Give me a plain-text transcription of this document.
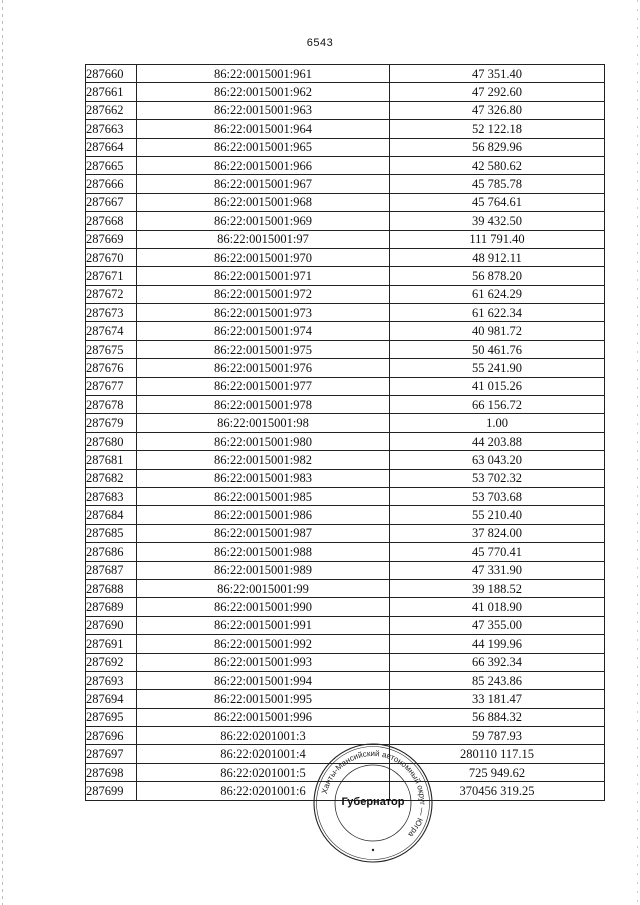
6543
287660	86:22:0015001:961	47 351.40
287661	86:22:0015001:962	47 292.60
287662	86:22:0015001:963	47 326.80
287663	86:22:0015001:964	52 122.18
287664	86:22:0015001:965	56 829.96
287665	86:22:0015001:966	42 580.62
287666	86:22:0015001:967	45 785.78
287667	86:22:0015001:968	45 764.61
287668	86:22:0015001:969	39 432.50
287669	86:22:0015001:97	111 791.40
287670	86:22:0015001:970	48 912.11
287671	86:22:0015001:971	56 878.20
287672	86:22:0015001:972	61 624.29
287673	86:22:0015001:973	61 622.34
287674	86:22:0015001:974	40 981.72
287675	86:22:0015001:975	50 461.76
287676	86:22:0015001:976	55 241.90
287677	86:22:0015001:977	41 015.26
287678	86:22:0015001:978	66 156.72
287679	86:22:0015001:98	1.00
287680	86:22:0015001:980	44 203.88
287681	86:22:0015001:982	63 043.20
287682	86:22:0015001:983	53 702.32
287683	86:22:0015001:985	53 703.68
287684	86:22:0015001:986	55 210.40
287685	86:22:0015001:987	37 824.00
287686	86:22:0015001:988	45 770.41
287687	86:22:0015001:989	47 331.90
287688	86:22:0015001:99	39 188.52
287689	86:22:0015001:990	41 018.90
287690	86:22:0015001:991	47 355.00
287691	86:22:0015001:992	44 199.96
287692	86:22:0015001:993	66 392.34
287693	86:22:0015001:994	85 243.86
287694	86:22:0015001:995	33 181.47
287695	86:22:0015001:996	56 884.32
287696	86:22:0201001:3	59 787.93
287697	86:22:0201001:4	280110 117.15
287698	86:22:0201001:5	725 949.62
287699	86:22:0201001:6	370456 319.25
Ханты-Мансийский автономный округ — Югра
Губернатор
